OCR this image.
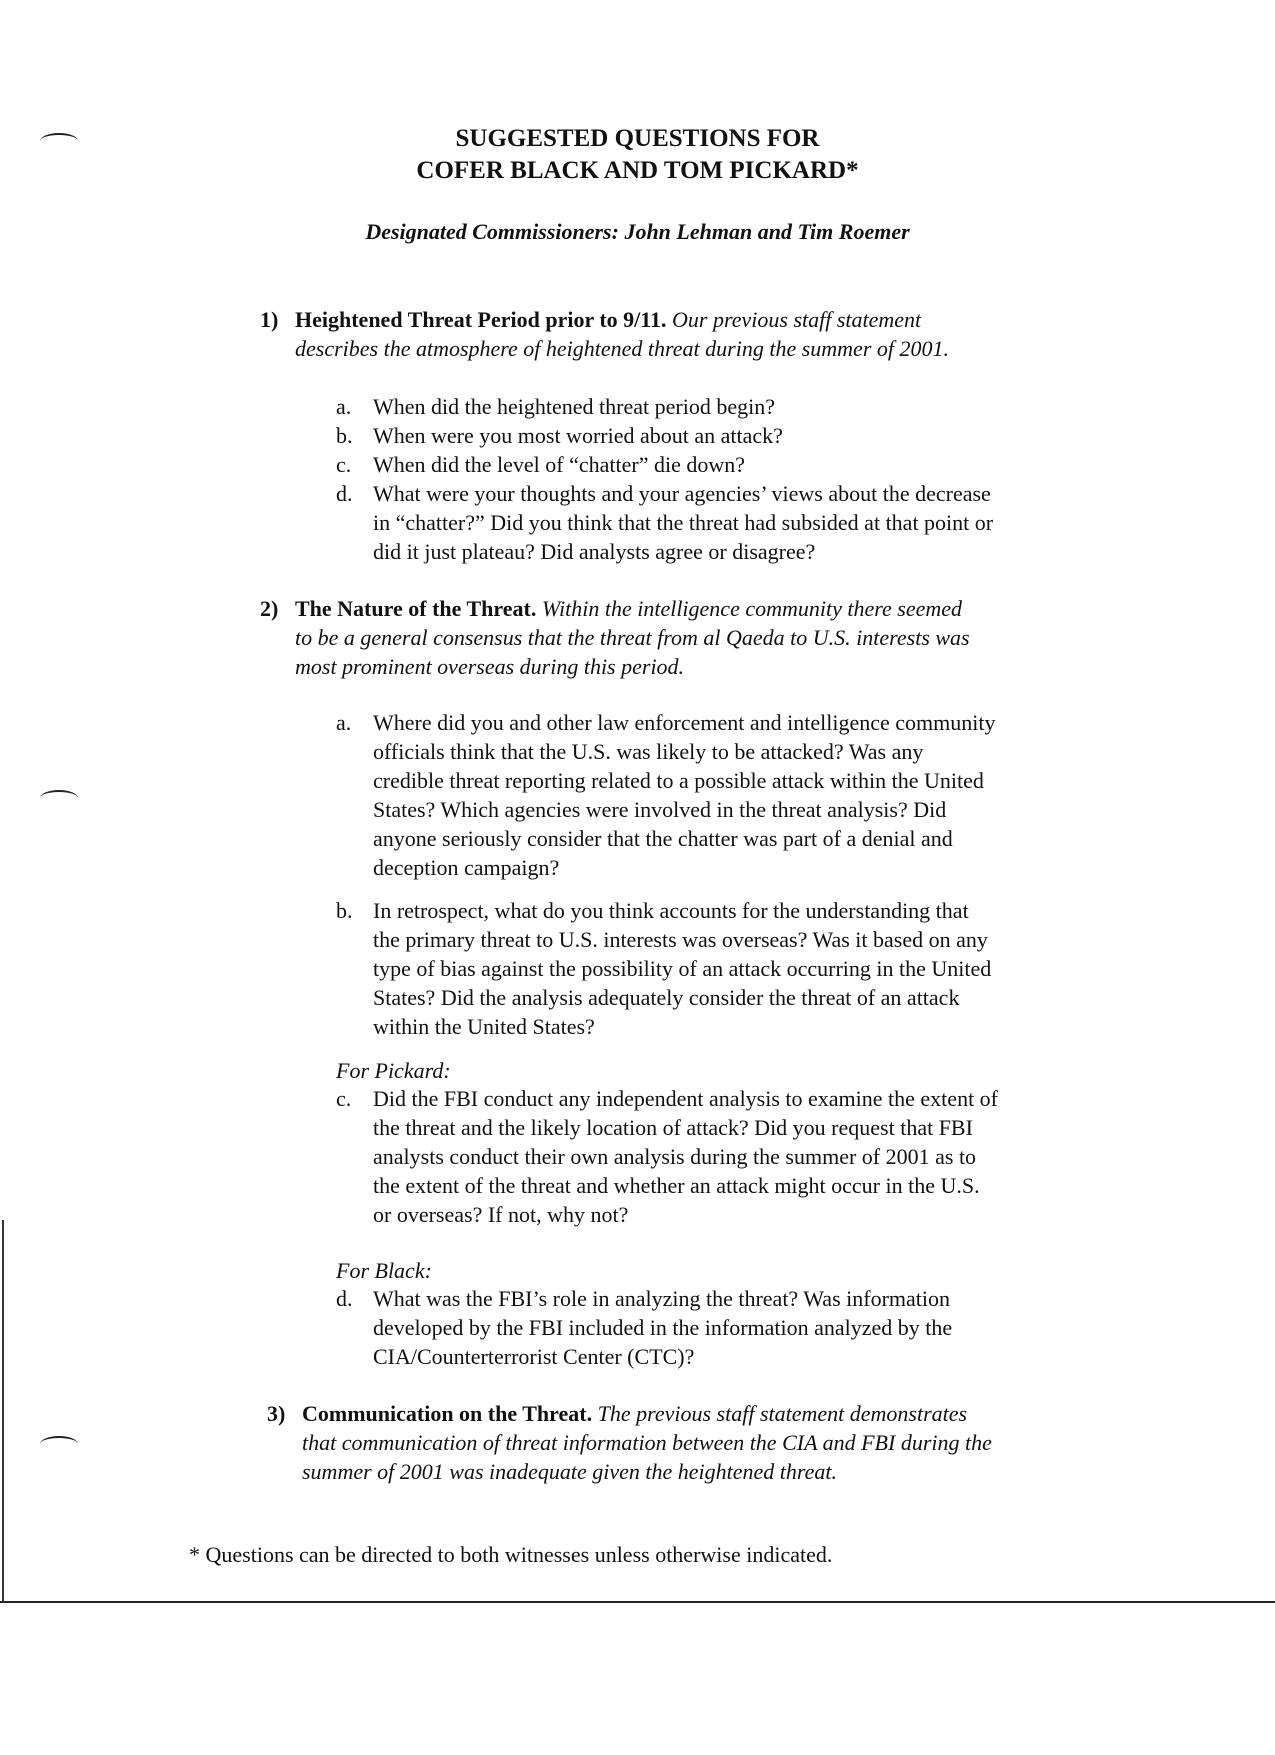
SUGGESTED QUESTIONS FOR
COFER BLACK AND TOM PICKARD*
Designated Commissioners: John Lehman and Tim Roemer
1) Heightened Threat Period prior to 9/11. Our previous staff statement
describes the atmosphere of heightened threat during the summer of 2001.
a. When did the heightened threat period begin?
b. When were you most worried about an attack?
c. When did the level of “chatter” die down?
d. What were your thoughts and your agencies’ views about the decrease
in “chatter?” Did you think that the threat had subsided at that point or
did it just plateau? Did analysts agree or disagree?
2) The Nature of the Threat. Within the intelligence community there seemed
to be a general consensus that the threat from al Qaeda to U.S. interests was
most prominent overseas during this period.
a. Where did you and other law enforcement and intelligence community
officials think that the U.S. was likely to be attacked? Was any
credible threat reporting related to a possible attack within the United
States? Which agencies were involved in the threat analysis? Did
anyone seriously consider that the chatter was part of a denial and
deception campaign?
b. In retrospect, what do you think accounts for the understanding that
the primary threat to U.S. interests was overseas? Was it based on any
type of bias against the possibility of an attack occurring in the United
States? Did the analysis adequately consider the threat of an attack
within the United States?
For Pickard:
c. Did the FBI conduct any independent analysis to examine the extent of
the threat and the likely location of attack? Did you request that FBI
analysts conduct their own analysis during the summer of 2001 as to
the extent of the threat and whether an attack might occur in the U.S.
or overseas? If not, why not?
For Black:
d. What was the FBI’s role in analyzing the threat? Was information
developed by the FBI included in the information analyzed by the
CIA/Counterterrorist Center (CTC)?
3) Communication on the Threat. The previous staff statement demonstrates
that communication of threat information between the CIA and FBI during the
summer of 2001 was inadequate given the heightened threat.
* Questions can be directed to both witnesses unless otherwise indicated.
